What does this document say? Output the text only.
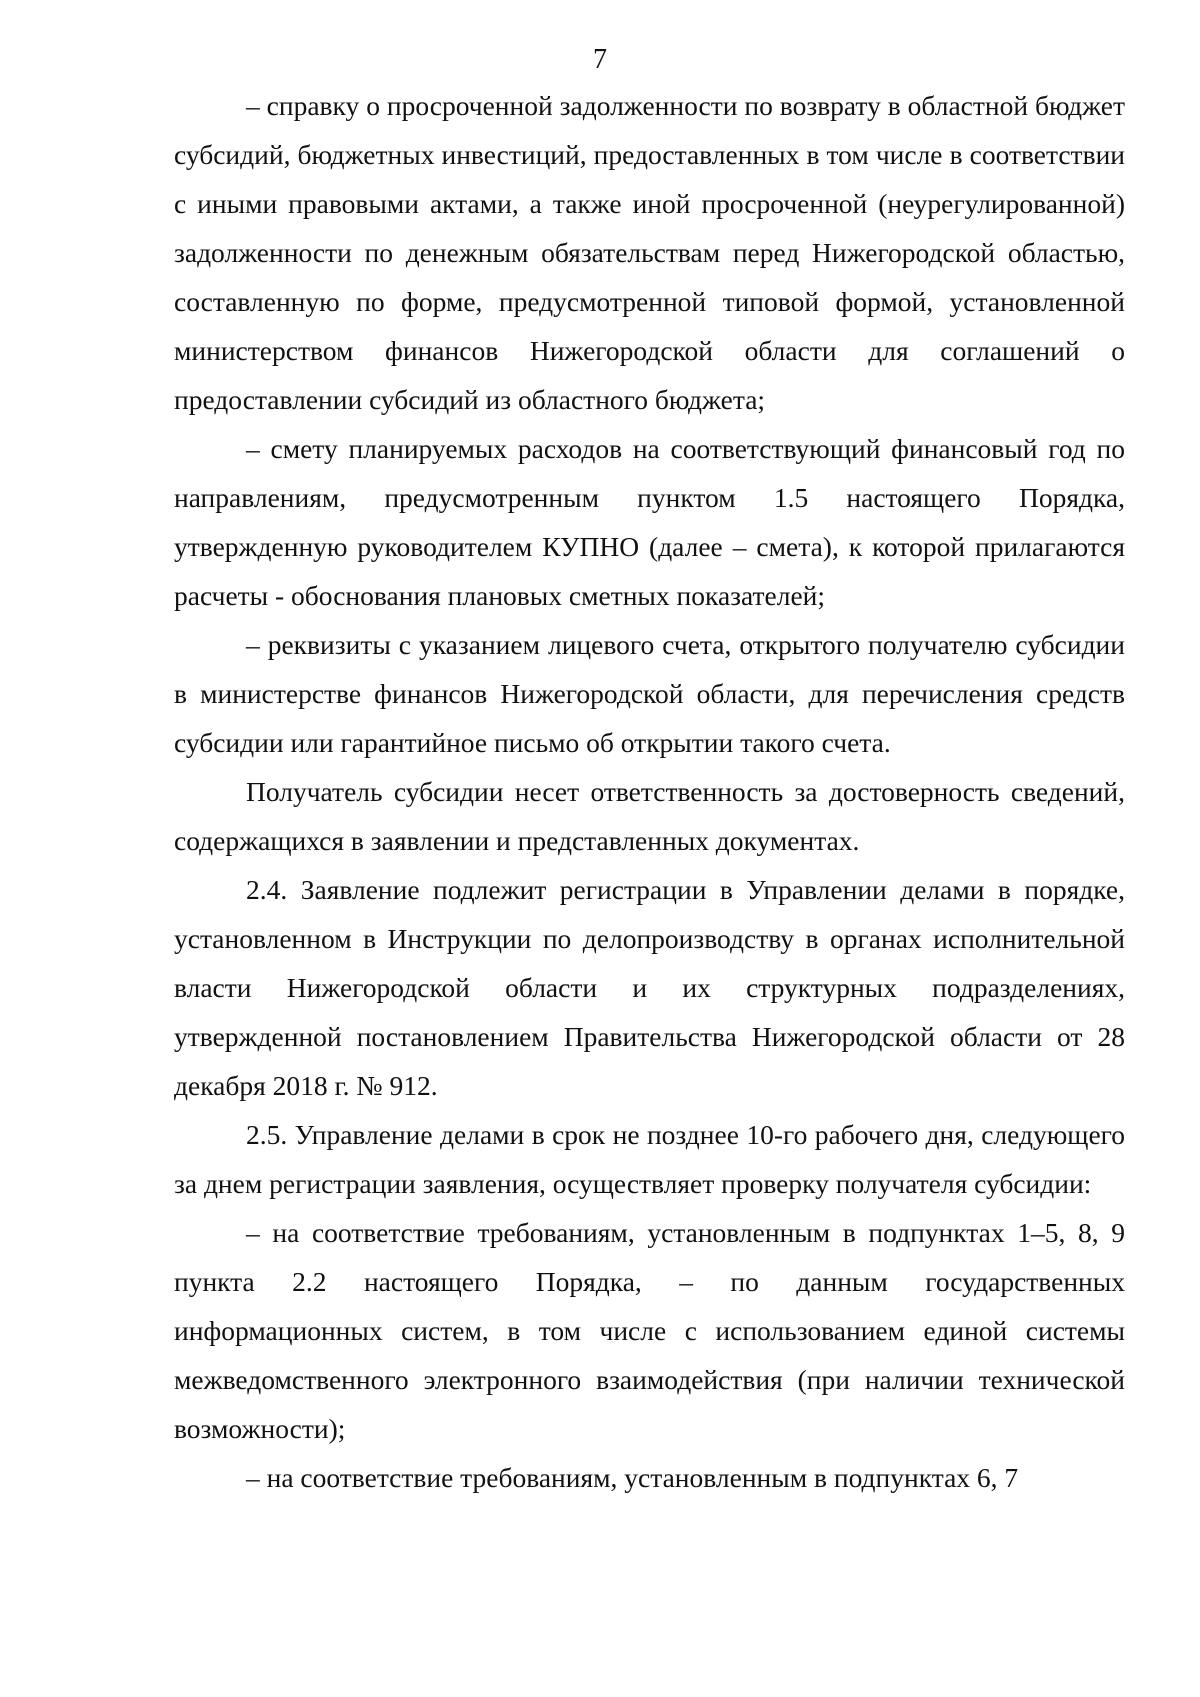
7

– справку о просроченной задолженности по возврату в областной бюджет субсидий, бюджетных инвестиций, предоставленных в том числе в соответствии с иными правовыми актами, а также иной просроченной (неурегулированной) задолженности по денежным обязательствам перед Нижегородской областью, составленную по форме, предусмотренной типовой формой, установленной министерством финансов Нижегородской области для соглашений о предоставлении субсидий из областного бюджета;

– смету планируемых расходов на соответствующий финансовый год по направлениям, предусмотренным пунктом 1.5 настоящего Порядка, утвержденную руководителем КУПНО (далее – смета), к которой прилагаются расчеты - обоснования плановых сметных показателей;

– реквизиты с указанием лицевого счета, открытого получателю субсидии в министерстве финансов Нижегородской области, для перечисления средств субсидии или гарантийное письмо об открытии такого счета.

Получатель субсидии несет ответственность за достоверность сведений, содержащихся в заявлении и представленных документах.

2.4. Заявление подлежит регистрации в Управлении делами в порядке, установленном в Инструкции по делопроизводству в органах исполнительной власти Нижегородской области и их структурных подразделениях, утвержденной постановлением Правительства Нижегородской области от 28 декабря 2018 г. № 912.

2.5. Управление делами в срок не позднее 10-го рабочего дня, следующего за днем регистрации заявления, осуществляет проверку получателя субсидии:

– на соответствие требованиям, установленным в подпунктах 1–5, 8, 9 пункта 2.2 настоящего Порядка, – по данным государственных информационных систем, в том числе с использованием единой системы межведомственного электронного взаимодействия (при наличии технической возможности);

– на соответствие требованиям, установленным в подпунктах 6, 7
